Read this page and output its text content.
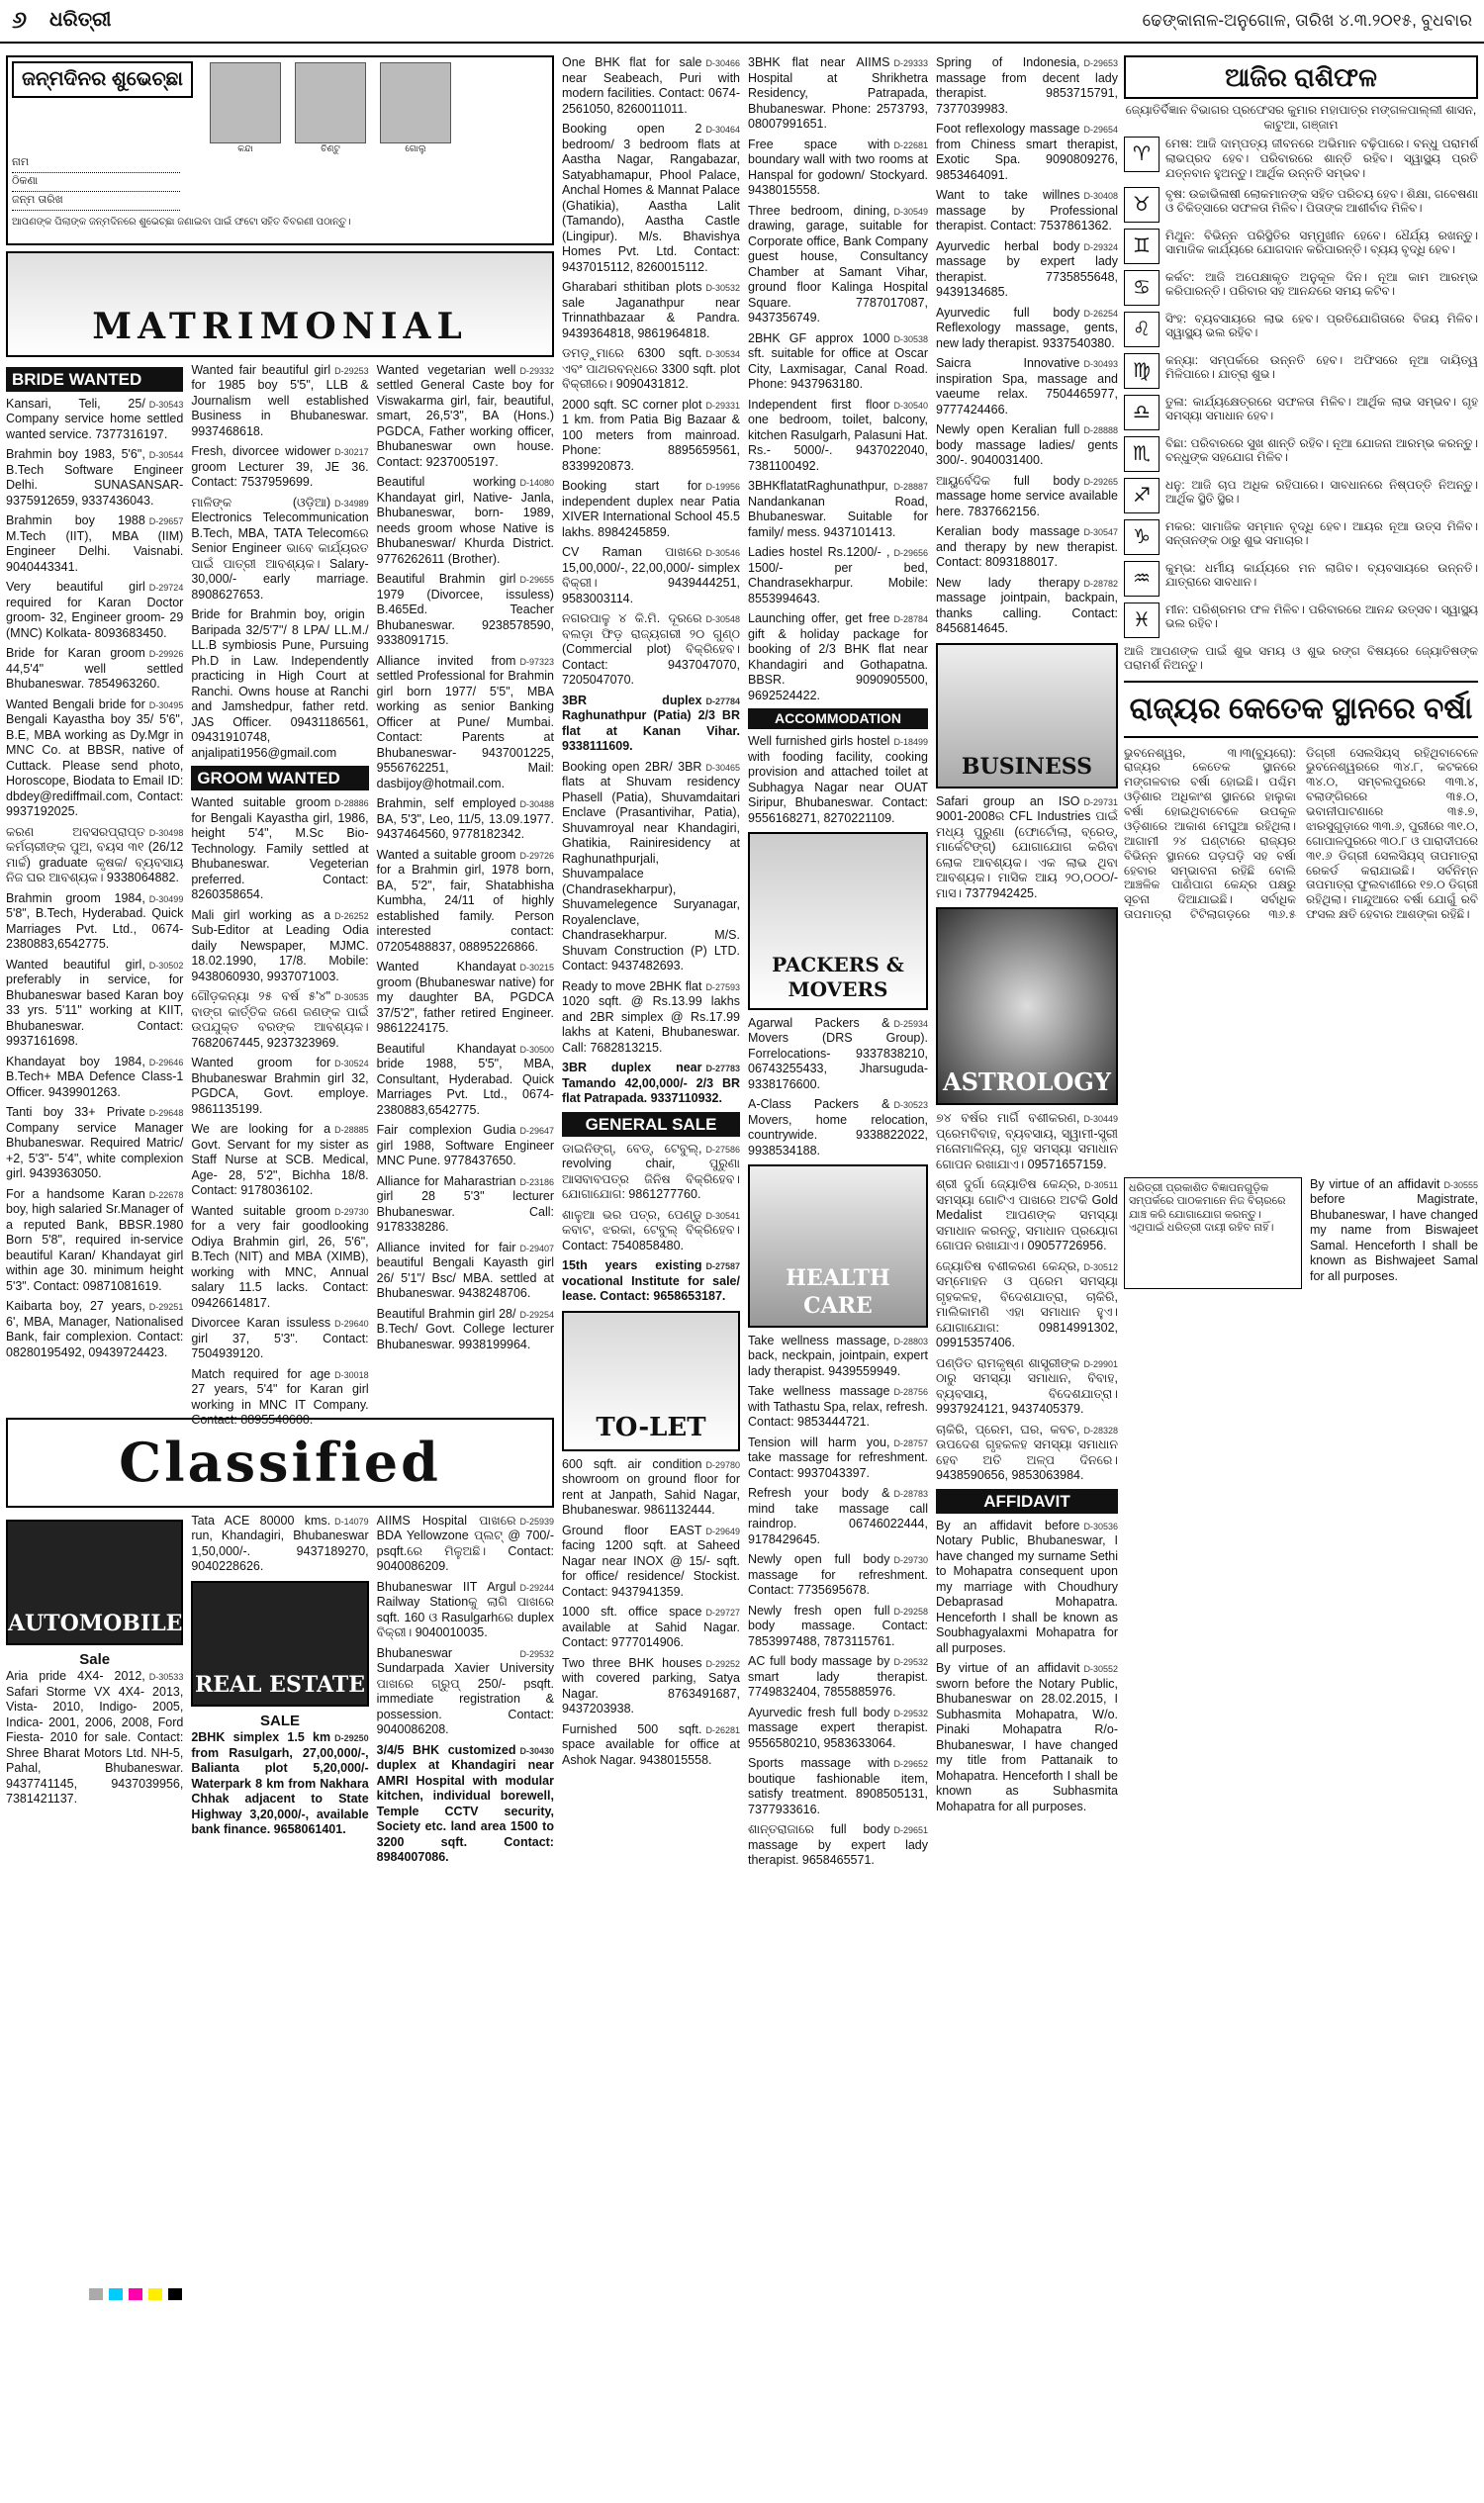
୬ ଧରିତ୍ରୀ	ଢେଙ୍କାନାଳ-ଅନୁଗୋଳ, ତାରିଖ ୪.୩.୨୦୧୫, ବୁଧବାର
ଜନ୍ମଦିନର ଶୁଭେଚ୍ଛା
କନ୍ଦା	ଚିଣ୍ଟୁ	ଗୋଲୁ
ନାମ
ଠିକଣା
ଜନ୍ମ ତାରିଖ
ଆପଣଙ୍କ ପିଲାଙ୍କ ଜନ୍ମଦିନରେ ଶୁଭେଚ୍ଛା ଜଣାଇବା ପାଇଁ ଫଟୋ ସହିତ ବିବରଣୀ ପଠାନ୍ତୁ।
MATRIMONIAL
BRIDE WANTED
D-30543
Kansari, Teli, 25/ Company service home settled wanted service. 7377316197.
D-30544
Brahmin boy 1983, 5'6", B.Tech Software Engineer Delhi. SUNASANSAR- 9375912659, 9337436043.
D-29657
Brahmin boy 1988 M.Tech (IIT), MBA (IIM) Engineer Delhi. Vaisnabi. 9040443341.
D-29724
Very beautiful girl required for Karan Doctor groom- 32, Engineer groom- 29 (MNC) Kolkata- 8093683450.
D-29926
Bride for Karan groom 44,5'4" well settled Bhubaneswar. 7854963260.
D-30495
Wanted Bengali bride for Bengali Kayastha boy 35/ 5'6", B.E, MBA working as Dy.Mgr in MNC Co. at BBSR, native of Cuttack. Please send photo, Horoscope, Biodata to Email ID: dbdey@rediffmail.com, Contact: 9937192025.
D-30498
କରଣ ଅବସରପ୍ରାପ୍ତ କର୍ମଚାରୀଙ୍କ ପୁଅ, ବୟସ ୩୧ (26/12 ମାର୍ଚ୍ଚ) graduate କୃଷକ/ ବ୍ୟବସାୟ ନିଜ ଘର ଆବଶ୍ୟକ। 9338064882.
D-30499
Brahmin groom 1984, 5'8", B.Tech, Hyderabad. Quick Marriages Pvt. Ltd., 0674-2380883,6542775.
D-30502
Wanted beautiful girl, preferably in service, for Bhubaneswar based Karan boy 33 yrs. 5'11" working at KIIT, Bhubaneswar. Contact: 9937161698.
D-29646
Khandayat boy 1984, B.Tech+ MBA Defence Class-1 Officer. 9439901263.
D-29648
Tanti boy 33+ Private Company service Manager Bhubaneswar. Required Matric/ +2, 5'3"- 5'4", white complexion girl. 9439363050.
D-22678
For a handsome Karan boy, high salaried Sr.Manager of a reputed Bank, BBSR.1980 Born 5'8", required in-service beautiful Karan/ Khandayat girl within age 30. minimum height 5'3". Contact: 09871081619.
D-29251
Kaibarta boy, 27 years, 6', MBA, Manager, Nationalised Bank, fair complexion. Contact: 08280195492, 09439724423.
D-29253
Wanted fair beautiful girl for 1985 boy 5'5", LLB & Journalism well established Business in Bhubaneswar. 9937468618.
D-30217
Fresh, divorcee widower groom Lecturer 39, JE 36. Contact: 7537959699.
D-34989
ମାଳିଙ୍କ (ଓଡ଼ିଆ) Electronics Telecommunication B.Tech, MBA, TATA Telecomରେ Senior Engineer ଭାବେ କାର୍ଯ୍ୟରତ ପାଇଁ ପାତ୍ରୀ ଆବଶ୍ୟକ। Salary- 30,000/- early marriage. 8908627653.
Bride for Brahmin boy, origin Baripada 32/5'7"/ 8 LPA/ LL.M./ LL.B symbiosis Pune, Pursuing Ph.D in Law. Independently practicing in High Court at Ranchi. Owns house at Ranchi and Jamshedpur, father retd. JAS Officer. 09431186561, 09431910748, anjalipati1956@gmail.com
GROOM WANTED
D-28886
Wanted suitable groom for Bengali Kayastha girl, 1986, height 5'4", M.Sc Bio-Technology. Family settled at Bhubaneswar. Vegeterian preferred. Contact: 8260358654.
D-26252
Mali girl working as a Sub-Editor at Leading Odia daily Newspaper, MJMC. 18.02.1990, 17/8. Mobile: 9438060930, 9937071003.
D-30535
ଗୌଡ଼କନ୍ୟା ୨୫ ବର୍ଷ ୫'୪" ବାଙ୍ଗ କାର୍ତ୍ତିକ ଜଣେ ଜଣଙ୍କ ପାଇଁ ଉପଯୁକ୍ତ ବରଙ୍କ ଆବଶ୍ୟକ। 7682067445, 9237323969.
D-30524
Wanted groom for Bhubaneswar Brahmin girl 32, PGDCA, Govt. employe. 9861135199.
D-28885
We are looking for a Govt. Servant for my sister as Staff Nurse at SCB. Medical, Age- 28, 5'2", Bichha 18/8. Contact: 9178036102.
D-29730
Wanted suitable groom for a very fair goodlooking Odiya Brahmin girl, 26, 5'6", B.Tech (NIT) and MBA (XIMB), working with MNC, Annual salary 11.5 lacks. Contact: 09426614817.
D-29640
Divorcee Karan issuless girl 37, 5'3". Contact: 7504939120.
D-30018
Match required for age 27 years, 5'4" for Karan girl working in MNC IT Company. Contact: 8895540600.
D-29332
Wanted vegetarian well settled General Caste boy for Viswakarma girl, fair, beautiful, smart, 26,5'3", BA (Hons.) PGDCA, Father working officer, Bhubaneswar own house. Contact: 9237005197.
D-14080
Beautiful working Khandayat girl, Native- Janla, Bhubaneswar, born- 1989, needs groom whose Native is Bhubaneswar/ Khurda District. 9776262611 (Brother).
D-29655
Beautiful Brahmin girl 1979 (Divorcee, issuless) B.465Ed. Teacher Bhubaneswar. 9238578590, 9338091715.
D-97323
Alliance invited from settled Professional for Brahmin girl born 1977/ 5'5", MBA working as senior Banking Officer at Pune/ Mumbai. Contact: Parents at Bhubaneswar- 9437001225, 9556762251, Mail: dasbijoy@hotmail.com.
D-30488
Brahmin, self employed BA, 5'3", Leo, 11/5, 13.09.1977. 9437464560, 9778182342.
D-29726
Wanted a suitable groom for a Brahmin girl, 1978 born, BA, 5'2", fair, Shatabhisha Kumbha, 24/11 of highly established family. Person interested contact: 07205488837, 08895226866.
D-30215
Wanted Khandayat groom (Bhubaneswar native) for my daughter BA, PGDCA 37/5'2", father retired Engineer. 9861224175.
D-30500
Beautiful Khandayat bride 1988, 5'5", MBA, Consultant, Hyderabad. Quick Marriages Pvt. Ltd., 0674-2380883,6542775.
D-29647
Fair complexion Gudia girl 1988, Software Engineer MNC Pune. 9778437650.
D-23186
Alliance for Maharastrian girl 28 5'3" lecturer Bhubaneswar. Call: 9178338286.
D-29407
Alliance invited for fair beautiful Bengali Kayasth girl 26/ 5'1"/ Bsc/ MBA. settled at Bhubaneswar. 9438248706.
D-29254
Beautiful Brahmin girl 28/ B.Tech/ Govt. College lecturer Bhubaneswar. 9938199964.
Classified
AUTOMOBILE
Sale
D-30533
Aria pride 4X4- 2012, Safari Storme VX 4X4- 2013, Vista- 2010, Indigo- 2005, Indica- 2001, 2006, 2008, Ford Fiesta- 2010 for sale. Contact: Shree Bharat Motors Ltd. NH-5, Pahal, Bhubaneswar. 9437741145, 9437039956, 7381421137.
D-14079
Tata ACE 80000 kms. run, Khandagiri, Bhubaneswar 1,50,000/-. 9437189270, 9040228626.
REAL ESTATE
SALE
D-29250
2BHK simplex 1.5 km from Rasulgarh, 27,00,000/-, Balianta plot 5,20,000/- Waterpark 8 km from Nakhara Chhak adjacent to State Highway 3,20,000/-, available bank finance. 9658061401.
D-25939
AIIMS Hospital ପାଖରେ BDA Yellowzone ପ୍ଲଟ୍ @ 700/- psqft.ରେ ମିଳୁଅଛି। Contact: 9040086209.
D-29244
Bhubaneswar IIT Argul Railway Stationକୁ ଲାଗି ପାଖରେ sqft. 160 ଓ Rasulgarhରେ duplex ବିକ୍ରୀ। 9040010035.
D-29532
Bhubaneswar Sundarpada Xavier University ପାଖରେ ଗ୍ରୁପ୍ 250/- psqft. immediate registration & possession. Contact: 9040086208.
D-30430
3/4/5 BHK customized duplex at Khandagiri near AMRI Hospital with modular kitchen, individual borewell, Temple CCTV security, Society etc. land area 1500 to 3200 sqft. Contact: 8984007086.
D-30466
One BHK flat for sale near Seabeach, Puri with modern facilities. Contact: 0674-2561050, 8260011011.
D-30464
Booking open 2 bedroom/ 3 bedroom flats at Aastha Nagar, Rangabazar, Satyabhamapur, Phool Palace, Anchal Homes & Mannat Palace (Ghatikia), Aastha Lalit (Tamando), Aastha Castle (Lingipur). M/s. Bhavishya Homes Pvt. Ltd. Contact: 9437015112, 8260015112.
D-30532
Gharabari sthitiban plots sale Jaganathpur near Trinnathbazaar & Pandra. 9439364818, 9861964818.
D-30534
ଡମଡ଼ୁମାରେ 6300 sqft. ଏବଂ ପାଥରବନ୍ଧରେ 3300 sqft. plot ବିକ୍ରୀରେ। 9090431812.
D-29331
2000 sqft. SC corner plot 1 km. from Patia Big Bazaar & 100 meters from mainroad. Phone: 8895659561, 8339920873.
D-19956
Booking start for independent duplex near Patia XIVER International School 45.5 lakhs. 8984245859.
D-30546
CV Raman ପାଖରେ 15,00,000/-, 22,00,000/- simplex ବିକ୍ରୀ। 9439444251, 9583003114.
D-30548
ନଗରପାଳୁ ୪ କି.ମି. ଦୂରରେ ବଲଡ଼ା ଫିଡ଼ ରାଜ୍ୟଗରୀ ୨୦ ଗୁଣ୍ଠ (Commercial plot) ବିକ୍ରିହେବ। Contact: 9437047070, 7205047070.
D-27784
3BR duplex Raghunathpur (Patia) 2/3 BR flat at Kanan Vihar. 9338111609.
D-30465
Booking open 2BR/ 3BR flats at Shuvam residency Phasell (Patia), Shuvamdaitari Enclave (Prasantivihar, Patia), Shuvamroyal near Khandagiri, Ghatikia, Rainiresidency at Raghunathpurjali, Shuvampalace (Chandrasekharpur), Shuvamelegence Suryanagar, Royalenclave, Chandrasekharpur. M/S. Shuvam Construction (P) LTD. Contact: 9437482693.
D-27593
Ready to move 2BHK flat 1020 sqft. @ Rs.13.99 lakhs and 2BR simplex @ Rs.17.99 lakhs at Kateni, Bhubaneswar. Call: 7682813215.
D-27783
3BR duplex near Tamando 42,00,000/- 2/3 BR flat Patrapada. 9337110932.
GENERAL SALE
D-27586
ଡାଇନିଙ୍ଗ୍, ବେଡ୍, ଟେବୁଲ୍, revolving chair, ପୁରୁଣା ଆସବାବପତ୍ର ଜିନିଷ ବିକ୍ରିହେବ। ଯୋଗାଯୋଗ: 9861277760.
D-30541
ଶାଳୁଆ ଭର ପତ୍ର, ପେଣ୍ଡୁ କବାଟ, ଝରକା, ଟେବୁଲ୍ ବିକ୍ରିହେବ। Contact: 7540858480.
D-27587
15th years existing vocational Institute for sale/ lease. Contact: 9658653187.
TO-LET
D-29780
600 sqft. air condition showroom on ground floor for rent at Janpath, Sahid Nagar, Bhubaneswar. 9861132444.
D-29649
Ground floor EAST facing 1200 sqft. at Saheed Nagar near INOX @ 15/- sqft. for office/ residence/ Stockist. Contact: 9437941359.
D-29727
1000 sft. office space available at Sahid Nagar. Contact: 9777014906.
D-29252
Two three BHK houses with covered parking, Satya Nagar. 8763491687, 9437203938.
D-26281
Furnished 500 sqft. space available for office at Ashok Nagar. 9438015558.
D-29333
3BHK flat near AIIMS Hospital at Shrikhetra Residency, Patrapada, Bhubaneswar. Phone: 2573793, 08007991651.
D-22681
Free space with boundary wall with two rooms at Hanspal for godown/ Stockyard. 9438015558.
D-30549
Three bedroom, dining, drawing, garage, suitable for Corporate office, Bank Company guest house, Consultancy Chamber at Samant Vihar, ground floor Kalinga Hospital Square. 7787017087, 9437356749.
D-30538
2BHK GF approx 1000 sft. suitable for office at Oscar City, Laxmisagar, Canal Road. Phone: 9437963180.
D-30540
Independent first floor one bedroom, toilet, balcony, kitchen Rasulgarh, Palasuni Hat. Rs.- 5000/-. 9437022040, 7381100492.
D-28887
3BHKflatatRaghunathpur, Nandankanan Road, Bhubaneswar. Suitable for family/ mess. 9437101413.
D-29656
Ladies hostel Rs.1200/- , 1500/- per bed, Chandrasekharpur. Mobile: 8553994643.
D-28784
Launching offer, get free gift & holiday package for booking of 2/3 BHK flat near Khandagiri and Gothapatna. BBSR. 9090905500, 9692524422.
ACCOMMODATION
D-18499
Well furnished girls hostel with fooding facility, cooking provision and attached toilet at Subhagya Nagar near OUAT Siripur, Bhubaneswar. Contact: 9556168271, 8270221109.
PACKERS & MOVERS
D-25934
Agarwal Packers & Movers (DRS Group). Forrelocations- 9337838210, 06743255433, Jharsuguda- 9338176600.
D-30523
A-Class Packers & Movers, home relocation, countrywide. 9338822022, 9938534188.
HEALTH CARE
D-28803
Take wellness massage, back, neckpain, jointpain, expert lady therapist. 9439559949.
D-28756
Take wellness massage with Tathastu Spa, relax, refresh. Contact: 9853444721.
D-28757
Tension will harm you, take massage for refreshment. Contact: 9937043397.
D-28783
Refresh your body & mind take massage call raindrop. 06746022444, 9178429645.
D-29730
Newly open full body massage for refreshment. Contact: 7735695678.
D-29258
Newly fresh open full body massage. Contact: 7853997488, 7873115761.
D-29532
AC full body massage by smart lady therapist. 7749832404, 7855885976.
D-29532
Ayurvedic fresh full body massage expert therapist. 9556580210, 9583633064.
D-29652
Sports massage with boutique fashionable item, satisfy treatment. 8908505131, 7377933616.
D-29651
ଶାନ୍ତରାଜାରେ full body massage by expert lady therapist. 9658465571.
D-29653
Spring of Indonesia, massage from decent lady therapist. 9853715791, 7377039983.
D-29654
Foot reflexology massage from Chiness smart therapist, Exotic Spa. 9090809276, 9853464091.
D-30408
Want to take willnes massage by Professional therapist. Contact: 7537861362.
D-29324
Ayurvedic herbal body massage by expert lady therapist. 7735855648, 9439134685.
D-26254
Ayurvedic full body Reflexology massage, gents, new lady therapist. 9337540380.
D-30493
Saicra Innovative inspiration Spa, massage and vaeume relax. 7504465977, 9777424466.
D-28888
Newly open Keralian full body massage ladies/ gents 300/-. 9040031400.
D-29265
ଆୟୁର୍ବେଦିକ full body massage home service available here. 7837662156.
D-30547
Keralian body massage and therapy by new therapist. Contact: 8093188017.
D-28782
New lady therapy massage jointpain, backpain, thanks calling. Contact: 8456814645.
BUSINESS
D-29731
Safari group an ISO 9001-2008ର CFL Industries ପାଇଁ ମଧ୍ୟ ପୁରୁଣା (ଫୋର୍ଟୋଲା, ବ୍ରେଡ୍, ମାର୍କେଟିଙ୍ଗ୍) ଯୋଗାଯୋଗ କରିବା ଲୋକ ଆବଶ୍ୟକ। ଏକ ଲାଭ ଥିବା ଆବଶ୍ୟକ। ମାସିକ ଆୟ ୨୦,୦୦୦/-ମାସ। 7377942425.
ASTROLOGY
D-30449
୭୪ ବର୍ଷର ମାର୍ଗି ବଶୀକରଣ, ପ୍ରେମବିବାହ, ବ୍ୟବସାୟ, ସ୍ୱାମୀ-ସ୍ତ୍ରୀ ମନୋମାଳିନ୍ୟ, ଗୃହ ସମସ୍ୟା ସମାଧାନ ଗୋପନ ରଖାଯାଏ। 09571657159.
D-30511
ଶ୍ରୀ ଦୁର୍ଗା ଜ୍ୟୋତିଷ କେନ୍ଦ୍ର, ସମସ୍ୟା ଗୋଟିଏ ପାଖରେ ଅଟକି Gold Medalist ଆପଣଙ୍କ ସମସ୍ୟା ସମାଧାନ କରନ୍ତୁ, ସମାଧାନ ପ୍ରୟୋଗ ଗୋପନ ରଖାଯାଏ। 09057726956.
D-30512
ଜ୍ୟୋତିଷ ବଶୀକରଣ କେନ୍ଦ୍ର, ସମ୍ମୋହନ ଓ ପ୍ରେମ ସମସ୍ୟା ଗୃହକଳହ, ବିଦେଶଯାତ୍ରା, ଚାକିରି, ମାଲିକାମଣି ଏହା ସମାଧାନ ହୁଏ। ଯୋଗାଯୋଗ: 09814991302, 09915357406.
D-29901
ପଣ୍ଡିତ ରାମକୃଷ୍ଣ ଶାସ୍ତ୍ରୀଙ୍କ ଠାରୁ ସମସ୍ୟା ସମାଧାନ, ବିବାହ, ବ୍ୟବସାୟ, ବିଦେଶଯାତ୍ରା। 9937924121, 9437405379.
D-28328
ଚାକିରି, ପ୍ରେମ, ଘର, କବଚ, ଉପଦେଶ ଗୃହକଳହ ସମସ୍ୟା ସମାଧାନ ହେବ ଅତି ଅଳ୍ପ ଦିନରେ। 9438590656, 9853063984.
AFFIDAVIT
D-30536
By an affidavit before Notary Public, Bhubaneswar, I have changed my surname Sethi to Mohapatra consequent upon my marriage with Choudhury Debaprasad Mohapatra. Henceforth I shall be known as Soubhagyalaxmi Mohapatra for all purposes.
D-30552
By virtue of an affidavit sworn before the Notary Public, Bhubaneswar on 28.02.2015, I Subhasmita Mohapatra, W/o. Pinaki Mohapatra R/o- Bhubaneswar, I have changed my title from Pattanaik to Mohapatra. Henceforth I shall be known as Subhasmita Mohapatra for all purposes.
ଆଜିର ରାଶିଫଳ
ଜ୍ୟୋତିର୍ବିଜ୍ଞାନ ବିଭାଗର ପ୍ରଫେସର କୁମାର ମହାପାତ୍ର ମଙ୍ଗଳପାଲ୍ଲୀ ଶାସନ, କାଟୁଆ, ଗଞ୍ଜାମ
♈	ମେଷ: ଆଜି ଦାମ୍ପତ୍ୟ ଜୀବନରେ ଅଭିମାନ ବଢ଼ିପାରେ। ବନ୍ଧୁ ପରାମର୍ଶ ଲାଭପ୍ରଦ ହେବ। ପରିବାରରେ ଶାନ୍ତି ରହିବ। ସ୍ୱାସ୍ଥ୍ୟ ପ୍ରତି ଯତ୍ନବାନ ହୁଅନ୍ତୁ। ଆର୍ଥିକ ଉନ୍ନତି ସମ୍ଭବ।
♉	ବୃଷ: ଉଚ୍ଚାଭିଳାଷୀ ଲୋକମାନଙ୍କ ସହିତ ପରିଚୟ ହେବ। ଶିକ୍ଷା, ଗବେଷଣା ଓ ଚିକିତ୍ସାରେ ସଫଳତା ମିଳିବ। ପିତାଙ୍କ ଆଶୀର୍ବାଦ ମିଳିବ।
♊	ମିଥୁନ: ବିଭିନ୍ନ ପରିସ୍ଥିତିର ସମ୍ମୁଖୀନ ହେବେ। ଧୈର୍ଯ୍ୟ ରଖନ୍ତୁ। ସାମାଜିକ କାର୍ଯ୍ୟରେ ଯୋଗଦାନ କରିପାରନ୍ତି। ବ୍ୟୟ ବୃଦ୍ଧି ହେବ।
♋	କର୍କଟ: ଆଜି ଅପେକ୍ଷାକୃତ ଅନୁକୂଳ ଦିନ। ନୂଆ କାମ ଆରମ୍ଭ କରିପାରନ୍ତି। ପରିବାର ସହ ଆନନ୍ଦରେ ସମୟ କଟିବ।
♌	ସିଂହ: ବ୍ୟବସାୟରେ ଲାଭ ହେବ। ପ୍ରତିଯୋଗିତାରେ ବିଜୟ ମିଳିବ। ସ୍ୱାସ୍ଥ୍ୟ ଭଲ ରହିବ।
♍	କନ୍ୟା: ସମ୍ପର୍କରେ ଉନ୍ନତି ହେବ। ଅଫିସରେ ନୂଆ ଦାୟିତ୍ୱ ମିଳିପାରେ। ଯାତ୍ରା ଶୁଭ।
♎	ତୁଳା: କାର୍ଯ୍ୟକ୍ଷେତ୍ରରେ ସଫଳତା ମିଳିବ। ଆର୍ଥିକ ଲାଭ ସମ୍ଭବ। ଗୃହ ସମସ୍ୟା ସମାଧାନ ହେବ।
♏	ବିଛା: ପରିବାରରେ ସୁଖ ଶାନ୍ତି ରହିବ। ନୂଆ ଯୋଜନା ଆରମ୍ଭ କରନ୍ତୁ। ବନ୍ଧୁଙ୍କ ସହଯୋଗ ମିଳିବ।
♐	ଧନୁ: ଆଜି ଚାପ ଅଧିକ ରହିପାରେ। ସାବଧାନରେ ନିଷ୍ପତ୍ତି ନିଅନ୍ତୁ। ଆର୍ଥିକ ସ୍ଥିତି ସ୍ଥିର।
♑	ମକର: ସାମାଜିକ ସମ୍ମାନ ବୃଦ୍ଧି ହେବ। ଆୟର ନୂଆ ଉତ୍ସ ମିଳିବ। ସନ୍ତାନଙ୍କ ଠାରୁ ଶୁଭ ସମାଚାର।
♒	କୁମ୍ଭ: ଧର୍ମୀୟ କାର୍ଯ୍ୟରେ ମନ ଲାଗିବ। ବ୍ୟବସାୟରେ ଉନ୍ନତି। ଯାତ୍ରାରେ ସାବଧାନ।
♓	ମୀନ: ପରିଶ୍ରମର ଫଳ ମିଳିବ। ପରିବାରରେ ଆନନ୍ଦ ଉତ୍ସବ। ସ୍ୱାସ୍ଥ୍ୟ ଭଲ ରହିବ।
ଆଜି ଆପଣଙ୍କ ପାଇଁ ଶୁଭ ସମୟ ଓ ଶୁଭ ରଙ୍ଗ ବିଷୟରେ ଜ୍ୟୋତିଷଙ୍କ ପରାମର୍ଶ ନିଅନ୍ତୁ।
ରାଜ୍ୟର କେତେକ ସ୍ଥାନରେ ବର୍ଷା
ଭୁବନେଶ୍ୱର, ୩।୩(ବ୍ୟୁରୋ): ରାଜ୍ୟର କେତେକ ସ୍ଥାନରେ ମଙ୍ଗଳବାର ବର୍ଷା ହୋଇଛି। ପଶ୍ଚିମ ଓଡ଼ିଶାର ଅଧିକାଂଶ ସ୍ଥାନରେ ହାଲୁକା ବର୍ଷା ହୋଇଥିବାବେଳେ ଉପକୂଳ ଓଡ଼ିଶାରେ ଆକାଶ ମେଘୁଆ ରହିଥିଲା। ଆଗାମୀ ୨୪ ଘଣ୍ଟାରେ ରାଜ୍ୟର ବିଭିନ୍ନ ସ୍ଥାନରେ ଘଡ଼ଘଡ଼ି ସହ ବର୍ଷା ହେବାର ସମ୍ଭାବନା ରହିଛି ବୋଲି ଆଞ୍ଚଳିକ ପାଣିପାଗ କେନ୍ଦ୍ର ପକ୍ଷରୁ ସୂଚନା ଦିଆଯାଇଛି। ସର୍ବାଧିକ ତାପମାତ୍ରା ଟିଟିଲାଗଡ଼ରେ ୩୬.୫ ଡିଗ୍ରୀ ସେଲସିୟସ୍ ରହିଥିବାବେଳେ ଭୁବନେଶ୍ୱରରେ ୩୪.୮, କଟକରେ ୩୪.୦, ସମ୍ବଲପୁରରେ ୩୩.୪, ବଲାଙ୍ଗିରରେ ୩୫.୦, ଭବାନୀପାଟଣାରେ ୩୫.୭, ଝାରସୁଗୁଡ଼ାରେ ୩୩.୬, ପୁରୀରେ ୩୧.୦, ଗୋପାଳପୁରରେ ୩୦.୮ ଓ ପାରାଦୀପରେ ୩୧.୬ ଡିଗ୍ରୀ ସେଲସିୟସ୍ ତାପମାତ୍ରା ରେକର୍ଡ କରାଯାଇଛି। ସର୍ବନିମ୍ନ ତାପମାତ୍ରା ଫୁଲବାଣୀରେ ୧୭.୦ ଡିଗ୍ରୀ ରହିଥିଲା। ମାନ୍ଦୁଆରେ ବର୍ଷା ଯୋଗୁଁ ରବି ଫସଲ କ୍ଷତି ହେବାର ଆଶଙ୍କା ରହିଛି।
ଧରିତ୍ରୀ ପ୍ରକାଶିତ ବିଜ୍ଞାପନଗୁଡ଼ିକ ସମ୍ପର୍କରେ ପାଠକମାନେ ନିଜ ବିଚାରରେ ଯାଞ୍ଚ କରି ଯୋଗାଯୋଗ କରନ୍ତୁ। ଏଥିପାଇଁ ଧରିତ୍ରୀ ଦାୟୀ ରହିବ ନାହିଁ।
D-30555
By virtue of an affidavit before Magistrate, Bhubaneswar, I have changed my name from Biswajeet Samal. Henceforth I shall be known as Bishwajeet Samal for all purposes.
